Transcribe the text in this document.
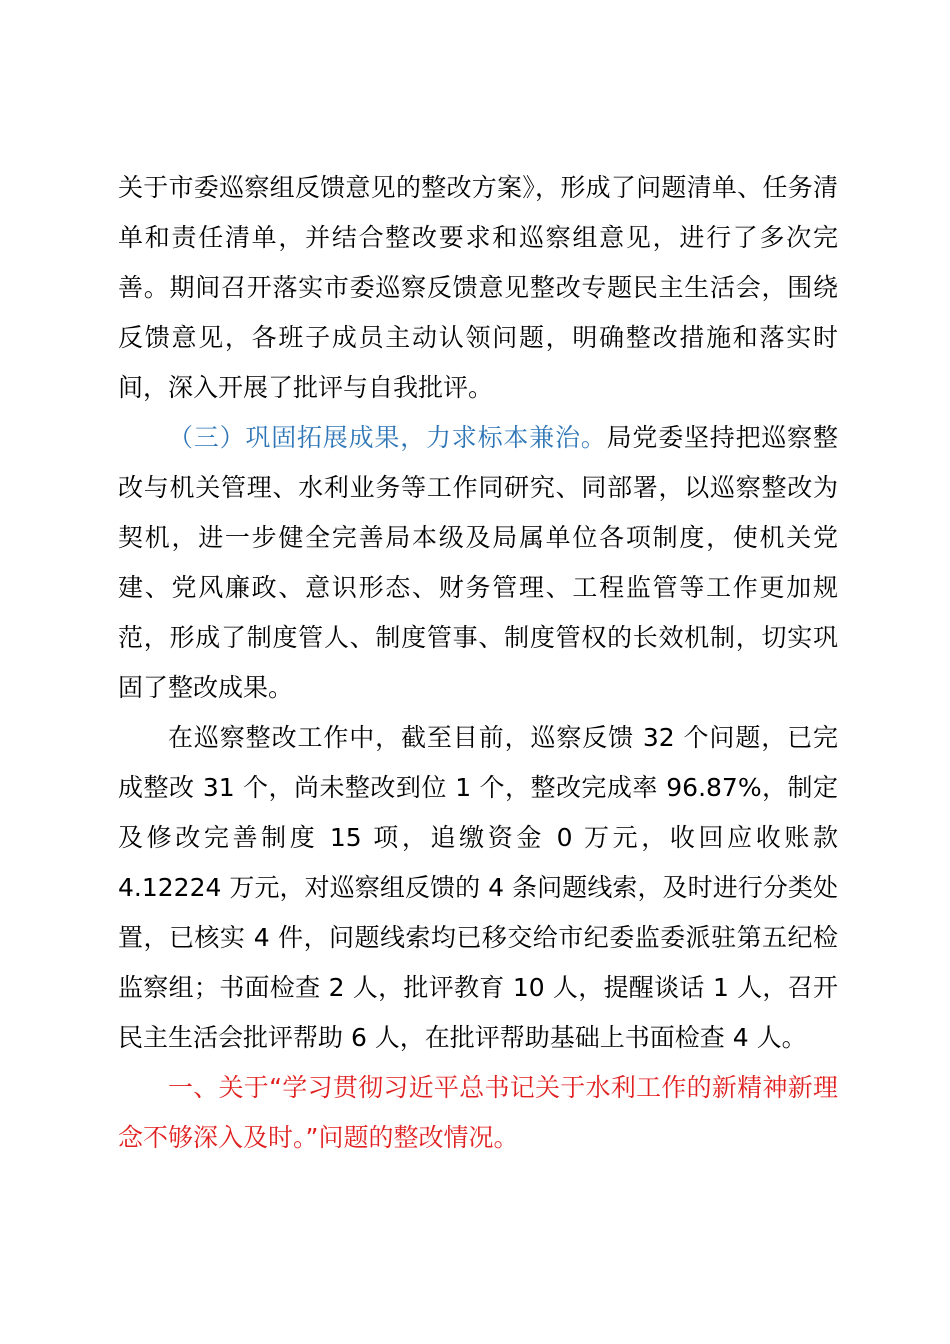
关于市委巡察组反馈意见的整改方案》，形成了问题清单、任务清单和责任清单，并结合整改要求和巡察组意见，进行了多次完善。期间召开落实市委巡察反馈意见整改专题民主生活会，围绕反馈意见，各班子成员主动认领问题，明确整改措施和落实时间，深入开展了批评与自我批评。

（三）巩固拓展成果，力求标本兼治。局党委坚持把巡察整改与机关管理、水利业务等工作同研究、同部署，以巡察整改为契机，进一步健全完善局本级及局属单位各项制度，使机关党建、党风廉政、意识形态、财务管理、工程监管等工作更加规范，形成了制度管人、制度管事、制度管权的长效机制，切实巩固了整改成果。

在巡察整改工作中，截至目前，巡察反馈 32 个问题，已完成整改 31 个，尚未整改到位 1 个，整改完成率 96.87%，制定及修改完善制度 15 项，追缴资金 0 万元，收回应收账款 4.12224 万元，对巡察组反馈的 4 条问题线索，及时进行分类处置，已核实 4 件，问题线索均已移交给市纪委监委派驻第五纪检监察组；书面检查 2 人，批评教育 10 人，提醒谈话 1 人，召开民主生活会批评帮助 6 人，在批评帮助基础上书面检查 4 人。

一、关于“学习贯彻习近平总书记关于水利工作的新精神新理念不够深入及时。”问题的整改情况。
